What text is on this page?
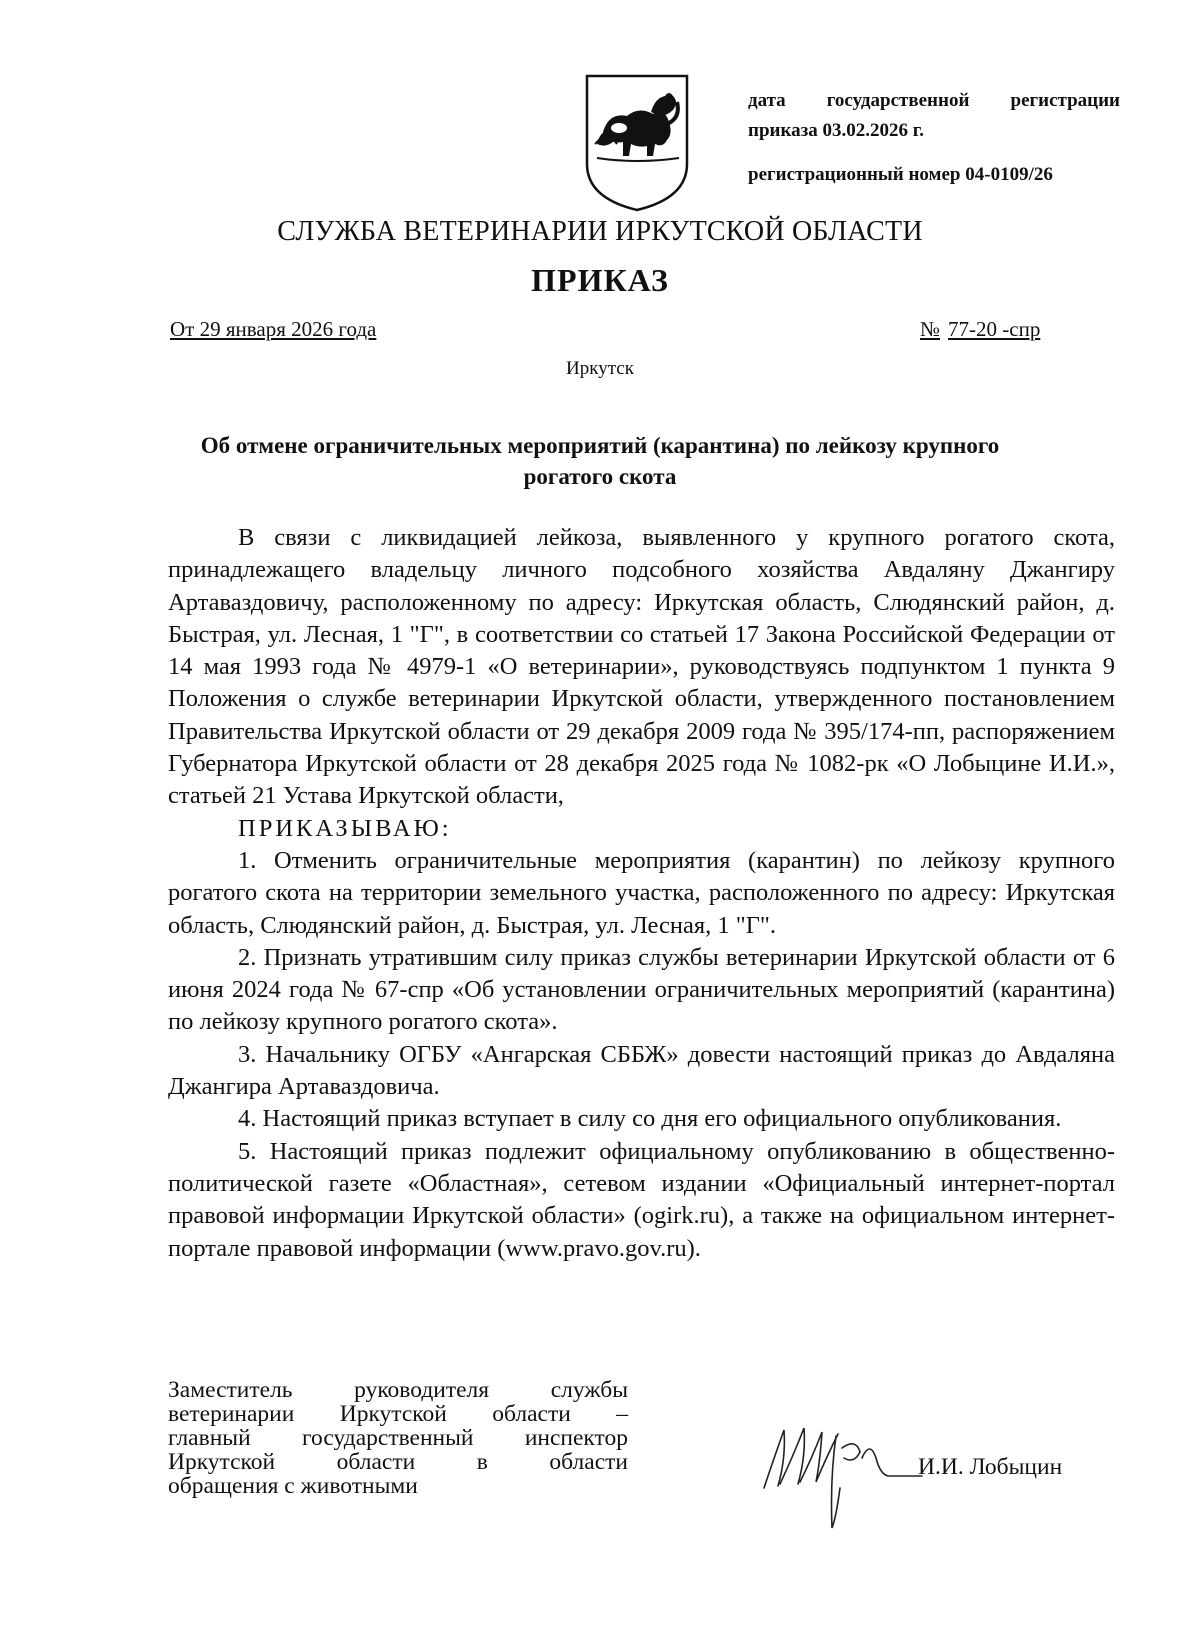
дата государственной регистрации
приказа 03.02.2026 г.
регистрационный номер 04-0109/26
СЛУЖБА ВЕТЕРИНАРИИ ИРКУТСКОЙ ОБЛАСТИ
ПРИКАЗ
От 29 января 2026 года	№ 77-20 -спр
Иркутск
Об отмене ограничительных мероприятий (карантина) по лейкозу крупного рогатого скота

В связи с ликвидацией лейкоза, выявленного у крупного рогатого скота, принадлежащего владельцу личного подсобного хозяйства Авдаляну Джангиру Артаваздовичу, расположенному по адресу: Иркутская область, Слюдянский район, д. Быстрая, ул. Лесная, 1 "Г", в соответствии со статьей 17 Закона Российской Федерации от 14 мая 1993 года № 4979-1 «О ветеринарии», руководствуясь подпунктом 1 пункта 9 Положения о службе ветеринарии Иркутской области, утвержденного постановлением Правительства Иркутской области от 29 декабря 2009 года № 395/174-пп, распоряжением Губернатора Иркутской области от 28 декабря 2025 года № 1082-рк «О Лобыцине И.И.», статьей 21 Устава Иркутской области,

ПРИКАЗЫВАЮ:

1. Отменить ограничительные мероприятия (карантин) по лейкозу крупного рогатого скота на территории земельного участка, расположенного по адресу: Иркутская область, Слюдянский район, д. Быстрая, ул. Лесная, 1 "Г".

2. Признать утратившим силу приказ службы ветеринарии Иркутской области от 6 июня 2024 года № 67-спр «Об установлении ограничительных мероприятий (карантина) по лейкозу крупного рогатого скота».

3. Начальнику ОГБУ «Ангарская СББЖ» довести настоящий приказ до Авдаляна Джангира Артаваздовича.

4. Настоящий приказ вступает в силу со дня его официального опубликования.

5. Настоящий приказ подлежит официальному опубликованию в общественно-политической газете «Областная», сетевом издании «Официальный интернет-портал правовой информации Иркутской области» (ogirk.ru), а также на официальном интернет-портале правовой информации (www.pravo.gov.ru).

Заместитель руководителя службы
ветеринарии Иркутской области –
главный государственный инспектор
Иркутской области в области
обращения с животными
И.И. Лобыцин
